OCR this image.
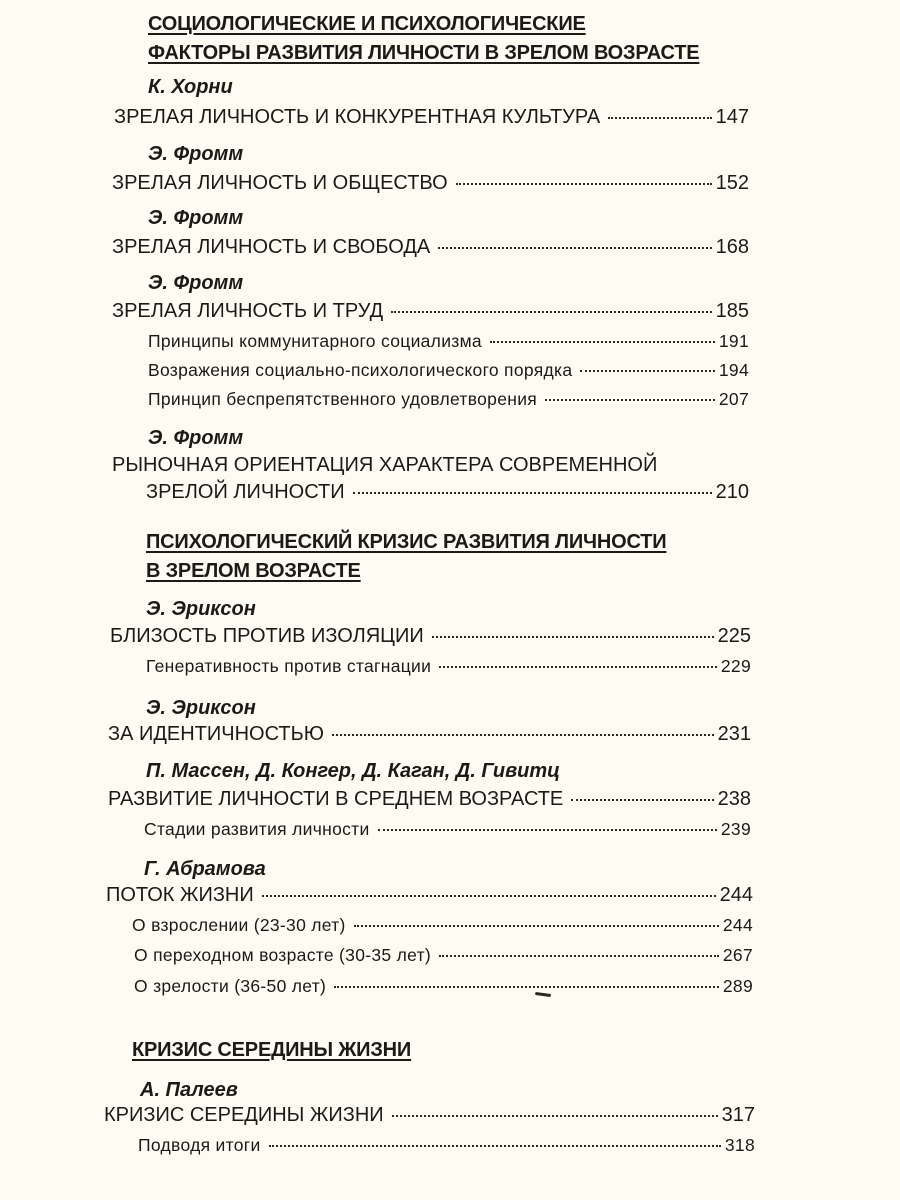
СОЦИОЛОГИЧЕСКИЕ И ПСИХОЛОГИЧЕСКИЕ
ФАКТОРЫ РАЗВИТИЯ ЛИЧНОСТИ В ЗРЕЛОМ ВОЗРАСТЕ
К. Хорни
ЗРЕЛАЯ ЛИЧНОСТЬ И КОНКУРЕНТНАЯ КУЛЬТУРА	147
Э. Фромм
ЗРЕЛАЯ ЛИЧНОСТЬ И ОБЩЕСТВО	152
Э. Фромм
ЗРЕЛАЯ ЛИЧНОСТЬ И СВОБОДА	168
Э. Фромм
ЗРЕЛАЯ ЛИЧНОСТЬ И ТРУД	185
Принципы коммунитарного социализма	191
Возражения социально-психологического порядка	194
Принцип беспрепятственного удовлетворения	207
Э. Фромм
РЫНОЧНАЯ ОРИЕНТАЦИЯ ХАРАКТЕРА СОВРЕМЕННОЙ
ЗРЕЛОЙ ЛИЧНОСТИ	210
ПСИХОЛОГИЧЕСКИЙ КРИЗИС РАЗВИТИЯ ЛИЧНОСТИ
В ЗРЕЛОМ ВОЗРАСТЕ
Э. Эриксон
БЛИЗОСТЬ ПРОТИВ ИЗОЛЯЦИИ	225
Генеративность против стагнации	229
Э. Эриксон
ЗА ИДЕНТИЧНОСТЬЮ	231
П. Массен, Д. Конгер, Д. Каган, Д. Гивитц
РАЗВИТИЕ ЛИЧНОСТИ В СРЕДНЕМ ВОЗРАСТЕ	238
Стадии развития личности	239
Г. Абрамова
ПОТОК ЖИЗНИ	244
О взрослении (23-30 лет)	244
О переходном возрасте (30-35 лет)	267
О зрелости (36-50 лет)	289
КРИЗИС СЕРЕДИНЫ ЖИЗНИ
А. Палеев
КРИЗИС СЕРЕДИНЫ ЖИЗНИ	317
Подводя итоги	318
